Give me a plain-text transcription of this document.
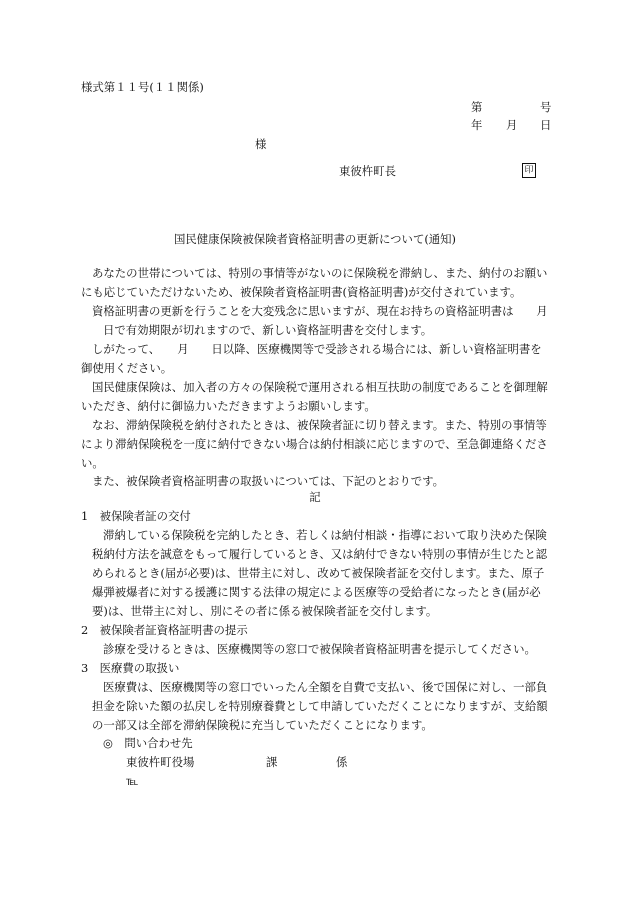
様式第１１号(１１関係)
第	号
年 月 日
様
東彼杵町長	印
国民健康保険被保険者資格証明書の更新について(通知)
あなたの世帯については、特別の事情等がないのに保険税を滞納し、また、納付のお願い
にも応じていただけないため、被保険者資格証明書(資格証明書)が交付されています。
資格証明書の更新を行うことを大変残念に思いますが、現在お持ちの資格証明書は　　月
日で有効期限が切れますので、新しい資格証明書を交付します。
しがたって、　　月　　日以降、医療機関等で受診される場合には、新しい資格証明書を
御使用ください。
国民健康保険は、加入者の方々の保険税で運用される相互扶助の制度であることを御理解
いただき、納付に御協力いただきますようお願いします。
なお、滞納保険税を納付されたときは、被保険者証に切り替えます。また、特別の事情等
により滞納保険税を一度に納付できない場合は納付相談に応じますので、至急御連絡くださ
い。
また、被保険者資格証明書の取扱いについては、下記のとおりです。
記
1　被保険者証の交付
滞納している保険税を完納したとき、若しくは納付相談・指導において取り決めた保険
税納付方法を誠意をもって履行しているとき、又は納付できない特別の事情が生じたと認
められるとき(届が必要)は、世帯主に対し、改めて被保険者証を交付します。また、原子
爆弾被爆者に対する援護に関する法律の規定による医療等の受給者になったとき(届が必
要)は、世帯主に対し、別にその者に係る被保険者証を交付します。
2　被保険者証資格証明書の提示
診療を受けるときは、医療機関等の窓口で被保険者資格証明書を提示してください。
3　医療費の取扱い
医療費は、医療機関等の窓口でいったん全額を自費で支払い、後で国保に対し、一部負
担金を除いた額の払戻しを特別療養費として申請していただくことになりますが、支給額
の一部又は全部を滞納保険税に充当していただくことになります。
◎　問い合わせ先
東彼杵町役場	課	係
℡
